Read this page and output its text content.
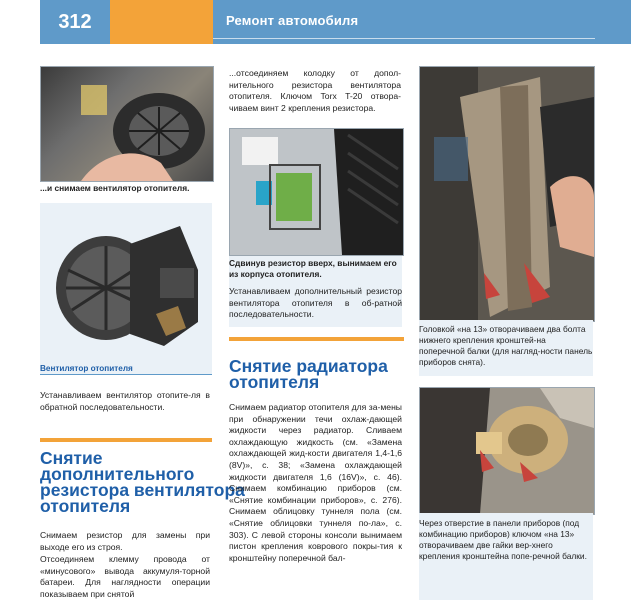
312	Ремонт автомобиля
...и снимаем вентилятор отопителя.
Вентилятор отопителя
Устанавливаем вентилятор отопите-ля в обратной последовательности.
Снятие
дополнительного
резистора вентилятора
отопителя
Снимаем резистор для замены при выходе его из строя.
Отсоединяем клемму провода от «минусового» вывода аккумуля-торной батареи. Для наглядности операции показываем при снятой
...отсоединяем колодку от допол-нительного резистора вентилятора отопителя. Ключом Torx T-20 отвора-чиваем винт 2 крепления резистора.
Сдвинув резистор вверх, вынимаем его из корпуса отопителя.
Устанавливаем дополнительный резистор вентилятора отопителя в об-ратной последовательности.
Снятие радиатора
отопителя
Снимаем радиатор отопителя для за-мены при обнаружении течи охлаж-дающей жидкости через радиатор. Сливаем охлаждающую жидкость (см. «Замена охлаждающей жид-кости двигателя 1,4-1,6 (8V)», с. 38; «Замена охлаждающей жидкости двигателя 1,6 (16V)», с. 46). Снимаем комбинацию приборов (см. «Снятие комбинации приборов», с. 276). Снимаем облицовку туннеля пола (см. «Снятие облицовки туннеля по-ла», с. 303). С левой стороны консоли вынимаем пистон крепления коврового покры-тия к кронштейну поперечной бал-
Головкой «на 13» отворачиваем два болта нижнего крепления кронштей-на поперечной балки (для нагляд-ности панель приборов снята).
Через отверстие в панели приборов (под комбинацию приборов) ключом «на 13» отворачиваем две гайки вер-хнего крепления кронштейна попе-речной балки.
